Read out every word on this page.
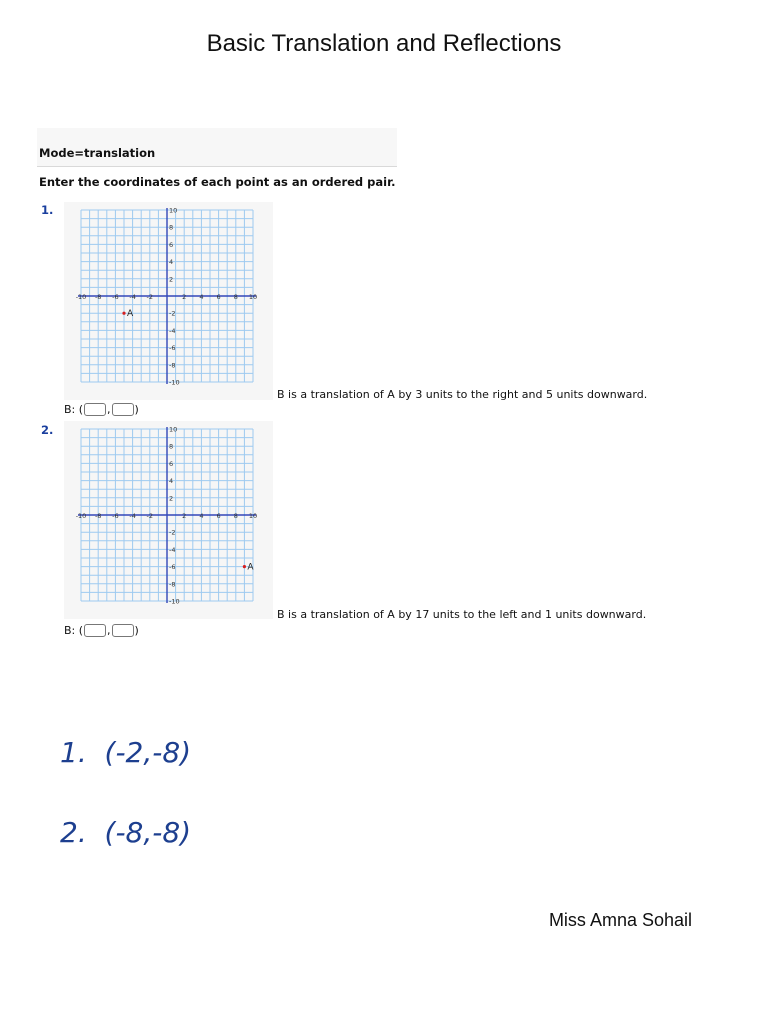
Basic Translation and Reflections
Mode=translation
Enter the coordinates of each point as an ordered pair.
1.
-10
-10
-8
-8
-6
-6
-4
-4
-2
-2
2
2
4
4
6
6
8
8
10
10
A
B is a translation of A by 3 units to the right and 5 units downward.
B: ( , )
2.
-10
-10
-8
-8
-6
-6
-4
-4
-2
-2
2
2
4
4
6
6
8
8
10
10
A
B is a translation of A by 17 units to the left and 1 units downward.
B: ( , )
1.  (-2,-8)
2.  (-8,-8)
Miss Amna Sohail
